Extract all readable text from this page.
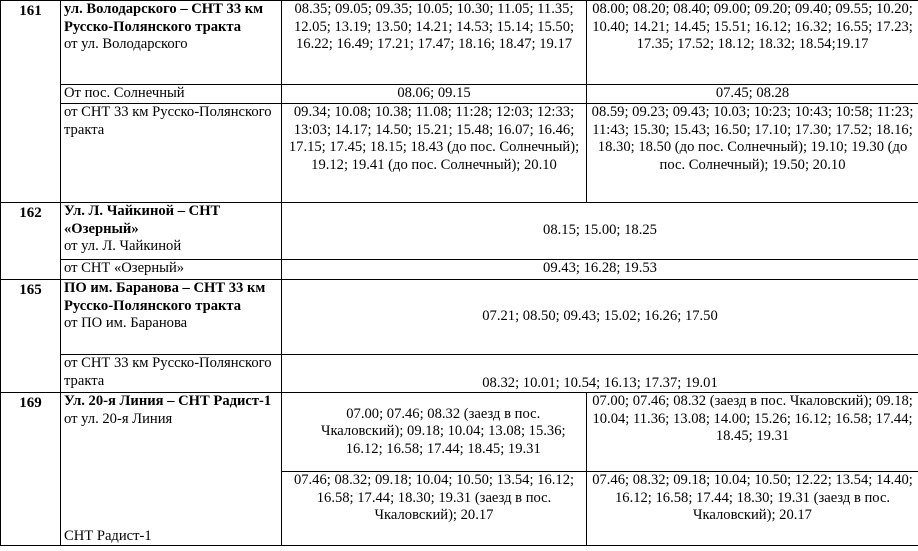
161	ул. Володарского – СНТ 33 км Русско-Полянского тракта
от ул. Володарского	08.35; 09.05; 09.35; 10.05; 10.30; 11.05; 11.35; 12.05; 13.19; 13.50; 14.21; 14.53; 15.14; 15.50; 16.22; 16.49; 17.21; 17.47; 18.16; 18.47; 19.17		08.00; 08.20; 08.40; 09.00; 09.20; 09.40; 09.55; 10.20; 10.40; 14.21; 14.45; 15.51; 16.12; 16.32; 16.55; 17.23; 17.35; 17.52; 18.12; 18.32; 18.54;19.17
	От пос. Солнечный	08.06; 09.15		07.45; 08.28
	от СНТ 33 км Русско-Полянского тракта	09.34; 10.08; 10.38; 11.08; 11:28; 12:03; 12:33; 13:03; 14.17; 14.50; 15.21; 15.48; 16.07; 16.46; 17.15; 17.45; 18.15; 18.43 (до пос. Солнечный); 19.12; 19.41 (до пос. Солнечный); 20.10		08.59; 09.23; 09.43; 10.03; 10:23; 10:43; 10:58; 11:23; 11:43; 15.30; 15.43; 16.50; 17.10; 17.30; 17.52; 18.16; 18.30; 18.50 (до пос. Солнечный); 19.10; 19.30 (до пос. Солнечный); 19.50; 20.10
162	Ул. Л. Чайкиной – СНТ «Озерный»
от ул. Л. Чайкиной	08.15; 15.00; 18.25		
	от СНТ «Озерный»	09.43; 16.28; 19.53		
165	ПО им. Баранова – СНТ 33 км Русско-Полянского тракта
от ПО им. Баранова	07.21; 08.50; 09.43; 15.02; 16.26; 17.50		
	от СНТ 33 км Русско-Полянского тракта	08.32; 10.01; 10.54; 16.13; 17.37; 19.01		
169	Ул. 20-я Линия – СНТ Радист-1
от ул. 20-я Линия		07.00; 07.46; 08.32 (заезд в пос. Чкаловский); 09.18; 10.04; 13.08; 15.36; 16.12; 16.58; 17.44; 18.45; 19.31	07.00; 07.46; 08.32 (заезд в пос. Чкаловский); 09.18; 10.04; 11.36; 13.08; 14.00; 15.26; 16.12; 16.58; 17.44; 18.45; 19.31
	СНТ Радист-1	07.46; 08.32; 09.18; 10.04; 10.50; 13.54; 16.12; 16.58; 17.44; 18.30; 19.31 (заезд в пос. Чкаловский); 20.17		07.46; 08.32; 09.18; 10.04; 10.50; 12.22; 13.54; 14.40; 16.12; 16.58; 17.44; 18.30; 19.31 (заезд в пос. Чкаловский); 20.17
